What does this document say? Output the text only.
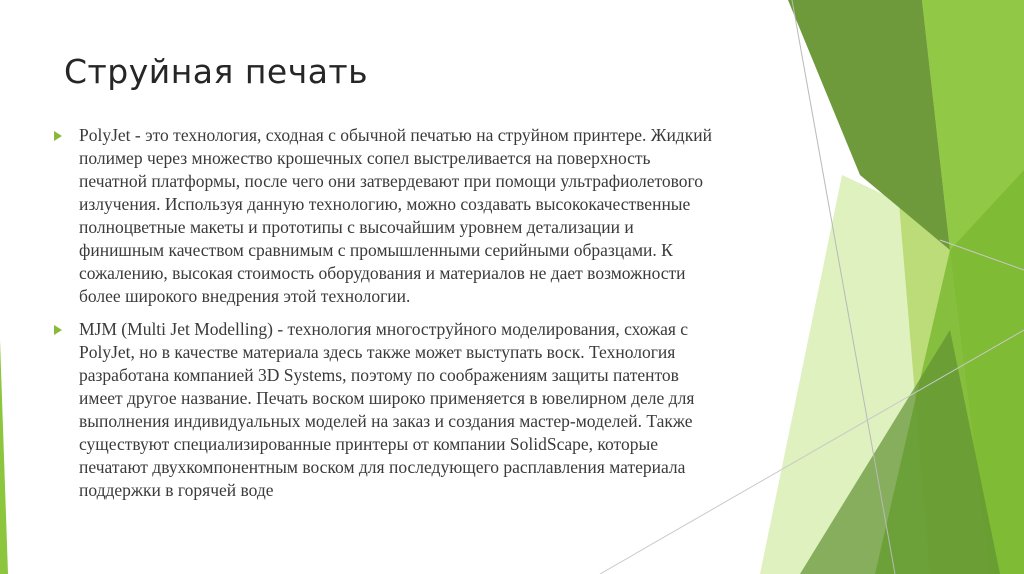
Струйная печать
PolyJet - это технология, сходная с обычной печатью на струйном принтере. Жидкий
полимер через множество крошечных сопел выстреливается на поверхность
печатной платформы, после чего они затвердевают при помощи ультрафиолетового
излучения. Используя данную технологию, можно создавать высококачественные
полноцветные макеты и прототипы с высочайшим уровнем детализации и
финишным качеством сравнимым с промышленными серийными образцами. К
сожалению, высокая стоимость оборудования и материалов не дает возможности
более широкого внедрения этой технологии.
MJM (Multi Jet Modelling) - технология многоструйного моделирования, схожая с
PolyJet, но в качестве материала здесь также может выступать воск. Технология
разработана компанией 3D Systems, поэтому по соображениям защиты патентов
имеет другое название. Печать воском широко применяется в ювелирном деле для
выполнения индивидуальных моделей на заказ и создания мастер-моделей. Также
существуют специализированные принтеры от компании SolidScape, которые
печатают двухкомпонентным воском для последующего расплавления материала
поддержки в горячей воде
